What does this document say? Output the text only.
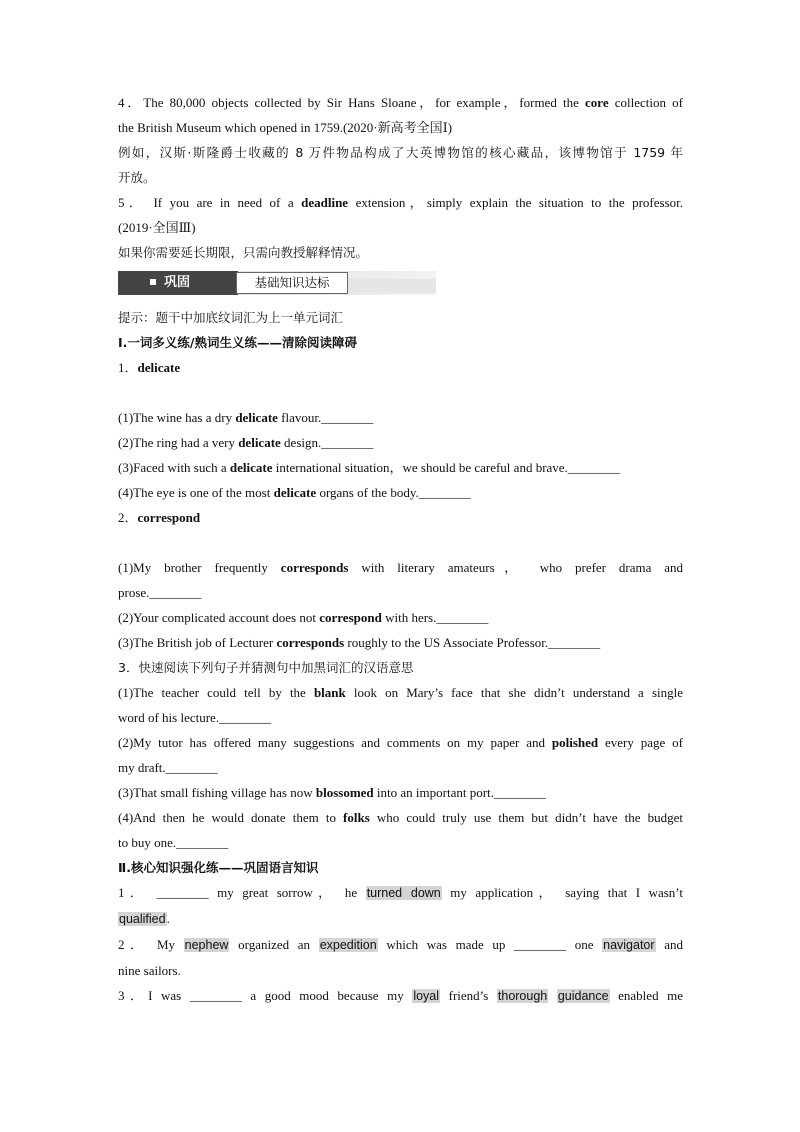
4．The 80,000 objects collected by Sir Hans Sloane，for example，formed the core collection of

the British Museum which opened in 1759.(2020·新高考全国Ⅰ)

例如，汉斯·斯隆爵士收藏的 8 万件物品构成了大英博物馆的核心藏品，该博物馆于 1759 年

开放。

5． If you are in need of a deadline extension，simply explain the situation to the professor.

(2019·全国Ⅲ)

如果你需要延长期限，只需向教授解释情况。

巩固	基础知识达标

提示：题干中加底纹词汇为上一单元词汇

Ⅰ.一词多义练/熟词生义练——清除阅读障碍

1．delicate

(1)The wine has a dry delicate flavour.________

(2)The ring had a very delicate design.________

(3)Faced with such a delicate international situation，we should be careful and brave.________

(4)The eye is one of the most delicate organs of the body.________

2．correspond

(1)My brother frequently corresponds with literary amateurs， who prefer drama and

prose.________

(2)Your complicated account does not correspond with hers.________

(3)The British job of Lecturer corresponds roughly to the US Associate Professor.________

3．快速阅读下列句子并猜测句中加黑词汇的汉语意思

(1)The teacher could tell by the blank look on Mary’s face that she didn’t understand a single

word of his lecture.________

(2)My tutor has offered many suggestions and comments on my paper and polished every page of

my draft.________

(3)That small fishing village has now blossomed into an important port.________

(4)And then he would donate them to folks who could truly use them but didn’t have the budget

to buy one.________

Ⅱ.核心知识强化练——巩固语言知识

1． ________ my great sorrow， he turned down my application， saying that I wasn’t

qualified.

2． My nephew organized an expedition which was made up ________ one navigator and

nine sailors.

3．I was ________ a good mood because my loyal friend’s thorough guidance enabled me
